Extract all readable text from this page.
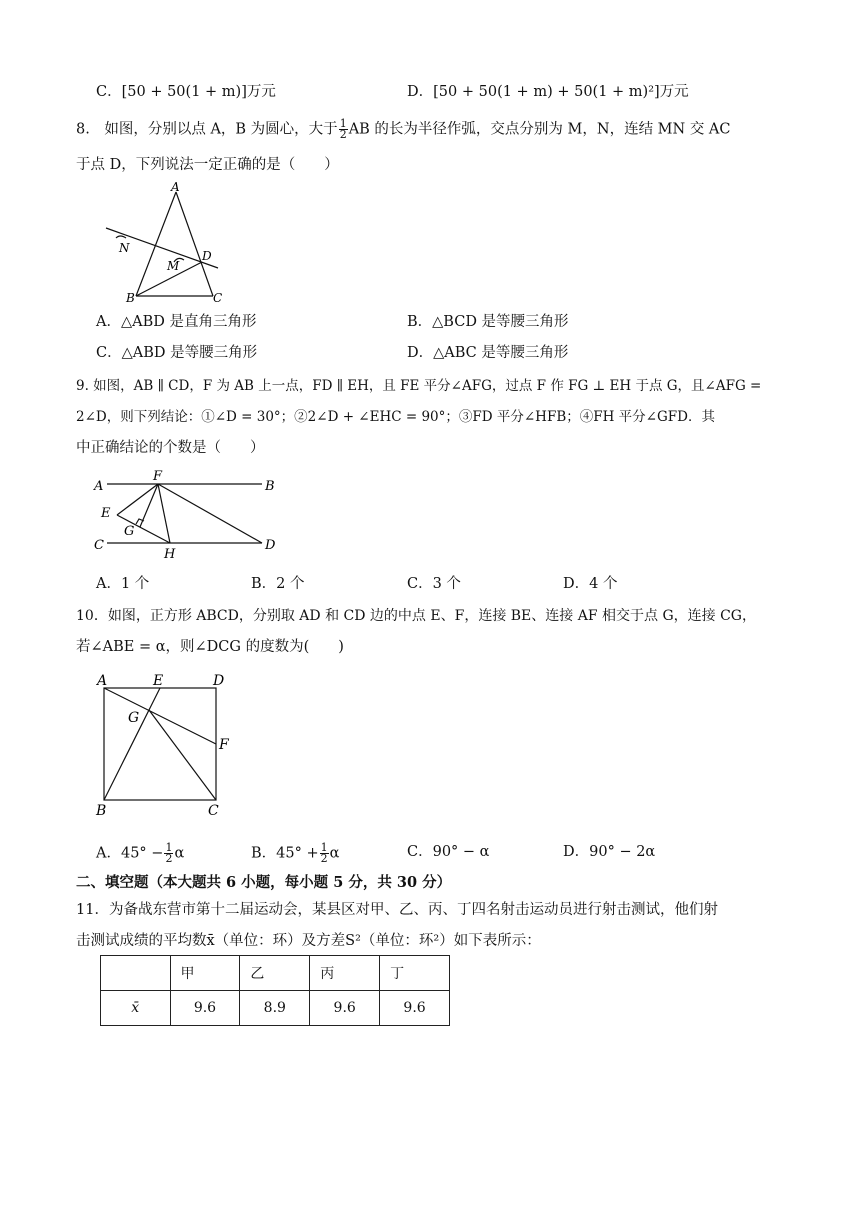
C．[50 + 50(1 + m)]万元	D．[50 + 50(1 + m) + 50(1 + m)²]万元
8.　如图，分别以点 A，B 为圆心，大于 $\frac{1}{2}$ AB 的长为半径作弧，交点分别为 M，N，连结 MN 交 AC
于点 D，下列说法一定正确的是（　　）
A
N
M
D
B	C
A．△ABD 是直角三角形	B．△BCD 是等腰三角形
C．△ABD 是等腰三角形	D．△ABC 是等腰三角形
9. 如图，AB ∥ CD，F 为 AB 上一点，FD ∥ EH，且 FE 平分∠AFG，过点 F 作 FG ⊥ EH 于点 G，且∠AFG =
2∠D，则下列结论：①∠D = 30°；②2∠D + ∠EHC = 90°；③FD 平分∠HFB；④FH 平分∠GFD．其
中正确结论的个数是（　　）
A
F
B
E
G
C
H
D
A．1 个	B．2 个	C．3 个	D．4 个
10．如图，正方形 ABCD，分别取 AD 和 CD 边的中点 E、F，连接 BE、连接 AF 相交于点 G，连接 CG，
若∠ABE = α，则∠DCG 的度数为(　　)
A	E	D
G
F
B	C
A．$45^\circ - \frac{1}{2}$ α	B．$45^\circ + \frac{1}{2}$ α	C．90° − α	D．90° − 2α
二、填空题（本大题共 6 小题，每小题 5 分，共 30 分）
11．为备战东营市第十二届运动会，某县区对甲、乙、丙、丁四名射击运动员进行射击测试，他们射
击测试成绩的平均数x̄（单位：环）及方差S²（单位：环²）如下表所示：
	甲	乙	丙	丁
x̄	9.6	8.9	9.6	9.6
